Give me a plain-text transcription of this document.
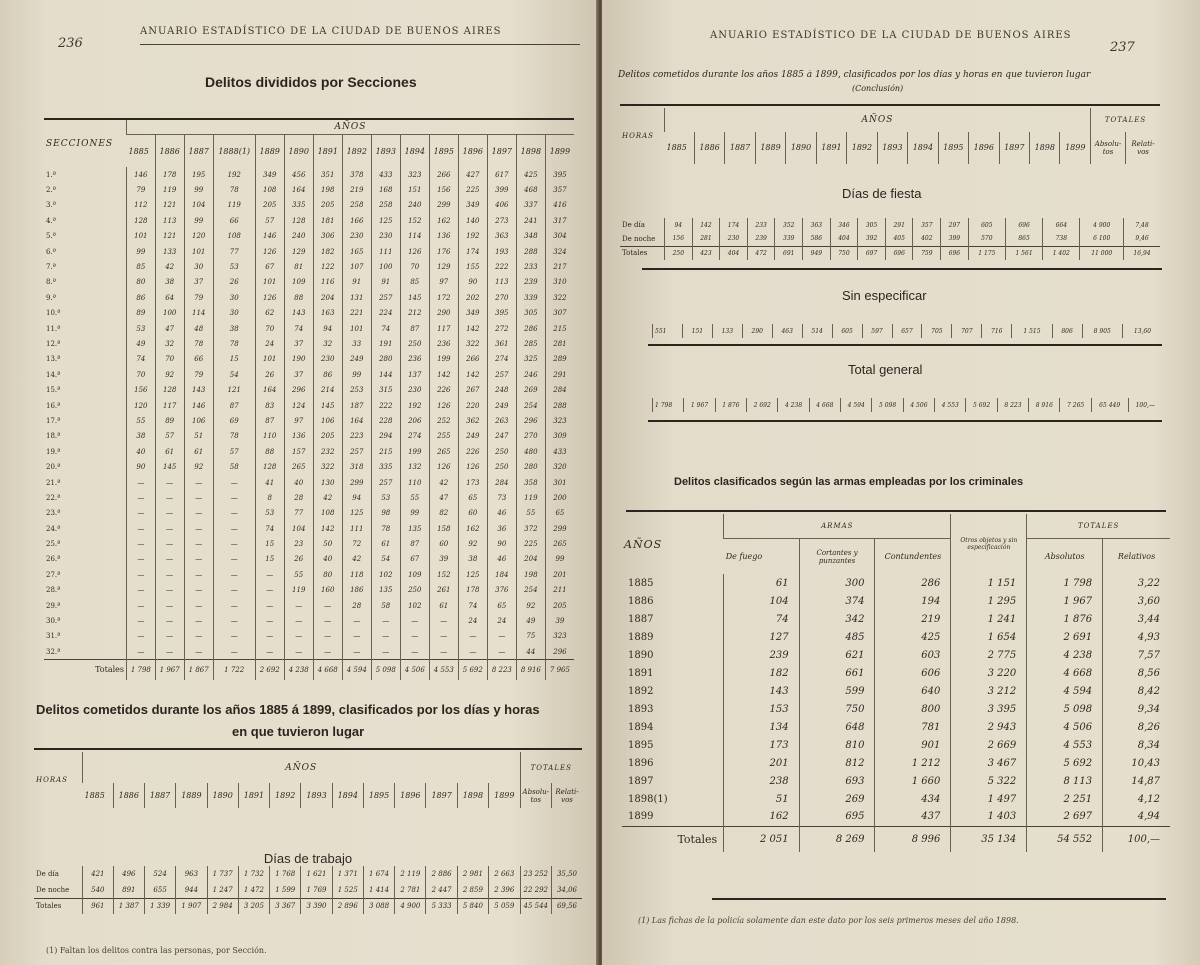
236
ANUARIO ESTADÍSTICO DE LA CIUDAD DE BUENOS AIRES
Delitos divididos por Secciones
SECCIONES	AÑOS														
	1885	1886	1887	1888(1)	1889	1890	1891	1892	1893	1894	1895	1896	1897	1898	1899
1.ª	146	178	195	192	349	456	351	378	433	323	266	427	617	425	395
2.ª	79	119	99	78	108	164	198	219	168	151	156	225	399	468	357
3.ª	112	121	104	119	205	335	205	258	258	240	299	349	406	337	416
4.ª	128	113	99	66	57	128	181	166	125	152	162	140	273	241	317
5.ª	101	121	120	108	146	240	306	230	230	114	136	192	363	348	304
6.ª	99	133	101	77	126	129	182	165	111	126	176	174	193	288	324
7.ª	85	42	30	53	67	81	122	107	100	70	129	155	222	233	217
8.ª	80	38	37	26	101	109	116	91	91	85	97	90	113	239	310
9.ª	86	64	79	30	126	88	204	131	257	145	172	202	270	339	322
10.ª	89	100	114	30	62	143	163	221	224	212	290	349	395	305	307
11.ª	53	47	48	38	70	74	94	101	74	87	117	142	272	286	215
12.ª	49	32	78	78	24	37	32	33	191	250	236	322	361	285	281
13.ª	74	70	66	15	101	190	230	249	280	236	199	266	274	325	289
14.ª	70	92	79	54	26	37	86	99	144	137	142	142	257	246	291
15.ª	156	128	143	121	164	296	214	253	315	230	226	267	248	269	284
16.ª	120	117	146	87	83	124	145	187	222	192	126	220	249	254	288
17.ª	55	89	106	69	87	97	106	164	228	206	252	362	263	296	323
18.ª	38	57	51	78	110	136	205	223	294	274	255	249	247	270	309
19.ª	40	61	61	57	88	157	232	257	215	199	265	226	250	480	433
20.ª	90	145	92	58	128	265	322	318	335	132	126	126	250	280	320
21.ª	—	—	—	—	41	40	130	299	257	110	42	173	284	358	301
22.ª	—	—	—	—	8	28	42	94	53	55	47	65	73	119	200
23.ª	—	—	—	—	53	77	108	125	98	99	82	60	46	55	65
24.ª	—	—	—	—	74	104	142	111	78	135	158	162	36	372	299
25.ª	—	—	—	—	15	23	50	72	61	87	60	92	90	225	265
26.ª	—	—	—	—	15	26	40	42	54	67	39	38	46	204	99
27.ª	—	—	—	—	—	55	80	118	102	109	152	125	184	198	201
28.ª	—	—	—	—	—	119	160	186	135	250	261	178	376	254	211
29.ª	—	—	—	—	—	—	—	28	58	102	61	74	65	92	205
30.ª	—	—	—	—	—	—	—	—	—	—	—	24	24	49	39
31.ª	—	—	—	—	—	—	—	—	—	—	—	—	—	75	323
32.ª	—	—	—	—	—	—	—	—	—	—	—	—	—	44	296
Totales	1 798	1 967	1 867	1 722	2 692	4 238	4 668	4 594	5 098	4 506	4 553	5 692	8 223	8 916	7 965
Delitos cometidos durante los años 1885 á 1899, clasificados por los días y horas
en que tuvieron lugar
HORAS	AÑOS														TOTALES	
	1885	1886	1887	1889	1890	1891	1892	1893	1894	1895	1896	1897	1898	1899	Absolu-tos	Relati-vos
Días de trabajo																
De día	421	496	524	963	1 737	1 732	1 768	1 621	1 371	1 674	2 119	2 886	2 981	2 663	23 252	35,50
De noche	540	891	655	944	1 247	1 472	1 599	1 769	1 525	1 414	2 781	2 447	2 859	2 396	22 292	34,06
Totales	961	1 387	1 339	1 907	2 984	3 205	3 367	3 390	2 896	3 088	4 900	5 333	5 840	5 059	45 544	69,56
(1) Faltan los delitos contra las personas, por Sección.
ANUARIO ESTADÍSTICO DE LA CIUDAD DE BUENOS AIRES
237
Delitos cometidos durante los años 1885 á 1899, clasificados por los días y horas en que tuvieron lugar
(Conclusión)
HORAS	AÑOS														TOTALES	
	1885	1886	1887	1889	1890	1891	1892	1893	1894	1895	1896	1897	1898	1899	Absolu-tos	Relati-vos
Días de fiesta
De día	94	142	174	233	352	363	346	305	291	357	297	605	696	664	4 900	7,48
De noche	156	281	230	239	339	586	404	392	405	402	399	570	865	738	6 100	9,46
Totales	250	423	404	472	691	949	750	697	696	759	696	1 175	1 561	1 402	11 000	16,94
Sin especificar
551	151	133	290	463	514	605	597	657	705	707	716	1 515	806	8 905	13,60
Total general
1 798	1 967	1 876	2 692	4 238	4 668	4 594	5 098	4 506	4 553	5 692	8 223	8 916	7 265	65 449	100,—
Delitos clasificados según las armas empleadas por los criminales
AÑOS	ARMAS			Otros objetos y sin especificación	TOTALES	
	De fuego	Cortantes y punzantes	Contundentes		Absolutos	Relativos
1885	61	300	286	1 151	1 798	3,22
1886	104	374	194	1 295	1 967	3,60
1887	74	342	219	1 241	1 876	3,44
1889	127	485	425	1 654	2 691	4,93
1890	239	621	603	2 775	4 238	7,57
1891	182	661	606	3 220	4 668	8,56
1892	143	599	640	3 212	4 594	8,42
1893	153	750	800	3 395	5 098	9,34
1894	134	648	781	2 943	4 506	8,26
1895	173	810	901	2 669	4 553	8,34
1896	201	812	1 212	3 467	5 692	10,43
1897	238	693	1 660	5 322	8 113	14,87
1898(1)	51	269	434	1 497	2 251	4,12
1899	162	695	437	1 403	2 697	4,94
Totales	2 051	8 269	8 996	35 134	54 552	100,—
(1) Las fichas de la policía solamente dan este dato por los seis primeros meses del año 1898.
